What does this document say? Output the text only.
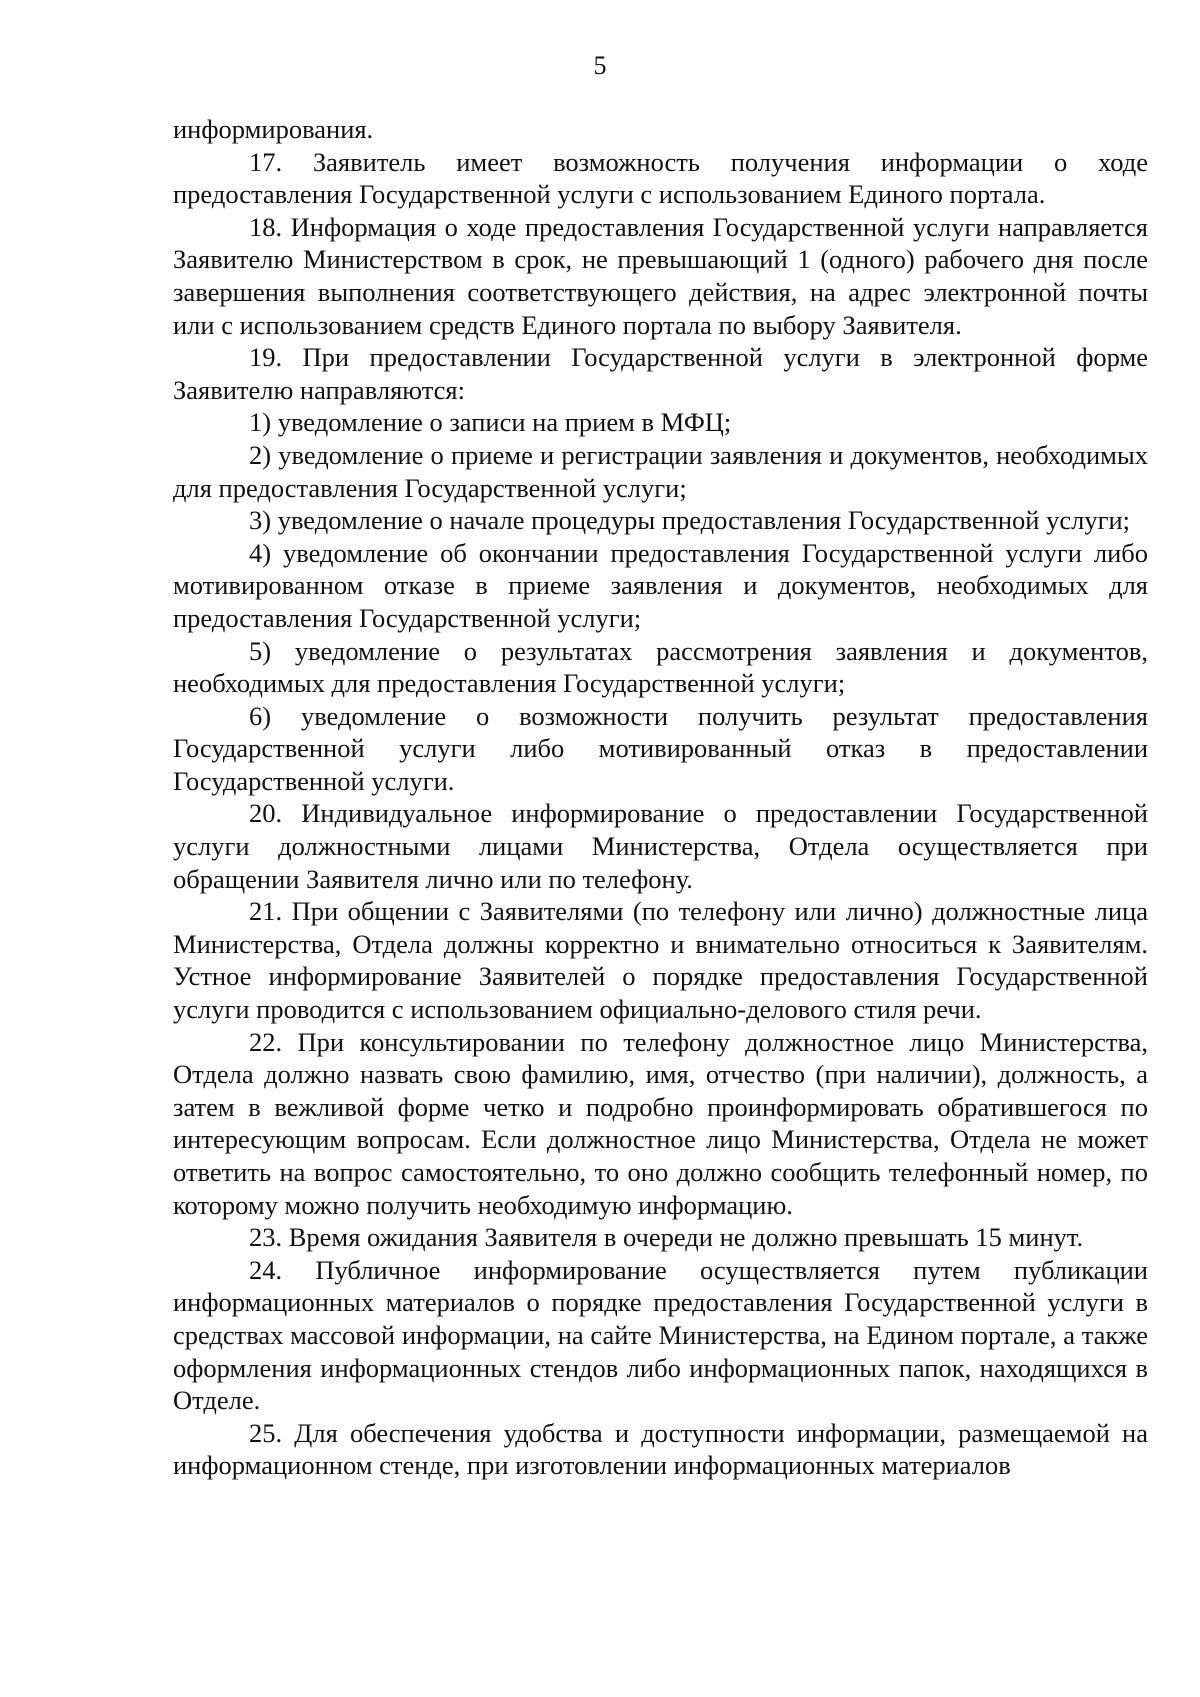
5

информирования.

17. Заявитель имеет возможность получения информации о ходе предоставления Государственной услуги с использованием Единого портала.

18. Информация о ходе предоставления Государственной услуги направляется Заявителю Министерством в срок, не превышающий 1 (одного) рабочего дня после завершения выполнения соответствующего действия, на адрес электронной почты или с использованием средств Единого портала по выбору Заявителя.

19. При предоставлении Государственной услуги в электронной форме Заявителю направляются:

1) уведомление о записи на прием в МФЦ;

2) уведомление о приеме и регистрации заявления и документов, необходимых для предоставления Государственной услуги;

3) уведомление о начале процедуры предоставления Государственной услуги;

4) уведомление об окончании предоставления Государственной услуги либо мотивированном отказе в приеме заявления и документов, необходимых для предоставления Государственной услуги;

5) уведомление о результатах рассмотрения заявления и документов, необходимых для предоставления Государственной услуги;

6) уведомление о возможности получить результат предоставления Государственной услуги либо мотивированный отказ в предоставлении Государственной услуги.

20. Индивидуальное информирование о предоставлении Государственной услуги должностными лицами Министерства, Отдела осуществляется при обращении Заявителя лично или по телефону.

21. При общении с Заявителями (по телефону или лично) должностные лица Министерства, Отдела должны корректно и внимательно относиться к Заявителям. Устное информирование Заявителей о порядке предоставления Государственной услуги проводится с использованием официально-делового стиля речи.

22. При консультировании по телефону должностное лицо Министерства, Отдела должно назвать свою фамилию, имя, отчество (при наличии), должность, а затем в вежливой форме четко и подробно проинформировать обратившегося по интересующим вопросам. Если должностное лицо Министерства, Отдела не может ответить на вопрос самостоятельно, то оно должно сообщить телефонный номер, по которому можно получить необходимую информацию.

23. Время ожидания Заявителя в очереди не должно превышать 15 минут.

24. Публичное информирование осуществляется путем публикации информационных материалов о порядке предоставления Государственной услуги в средствах массовой информации, на сайте Министерства, на Едином портале, а также оформления информационных стендов либо информационных папок, находящихся в Отделе.

25. Для обеспечения удобства и доступности информации, размещаемой на информационном стенде, при изготовлении информационных материалов
